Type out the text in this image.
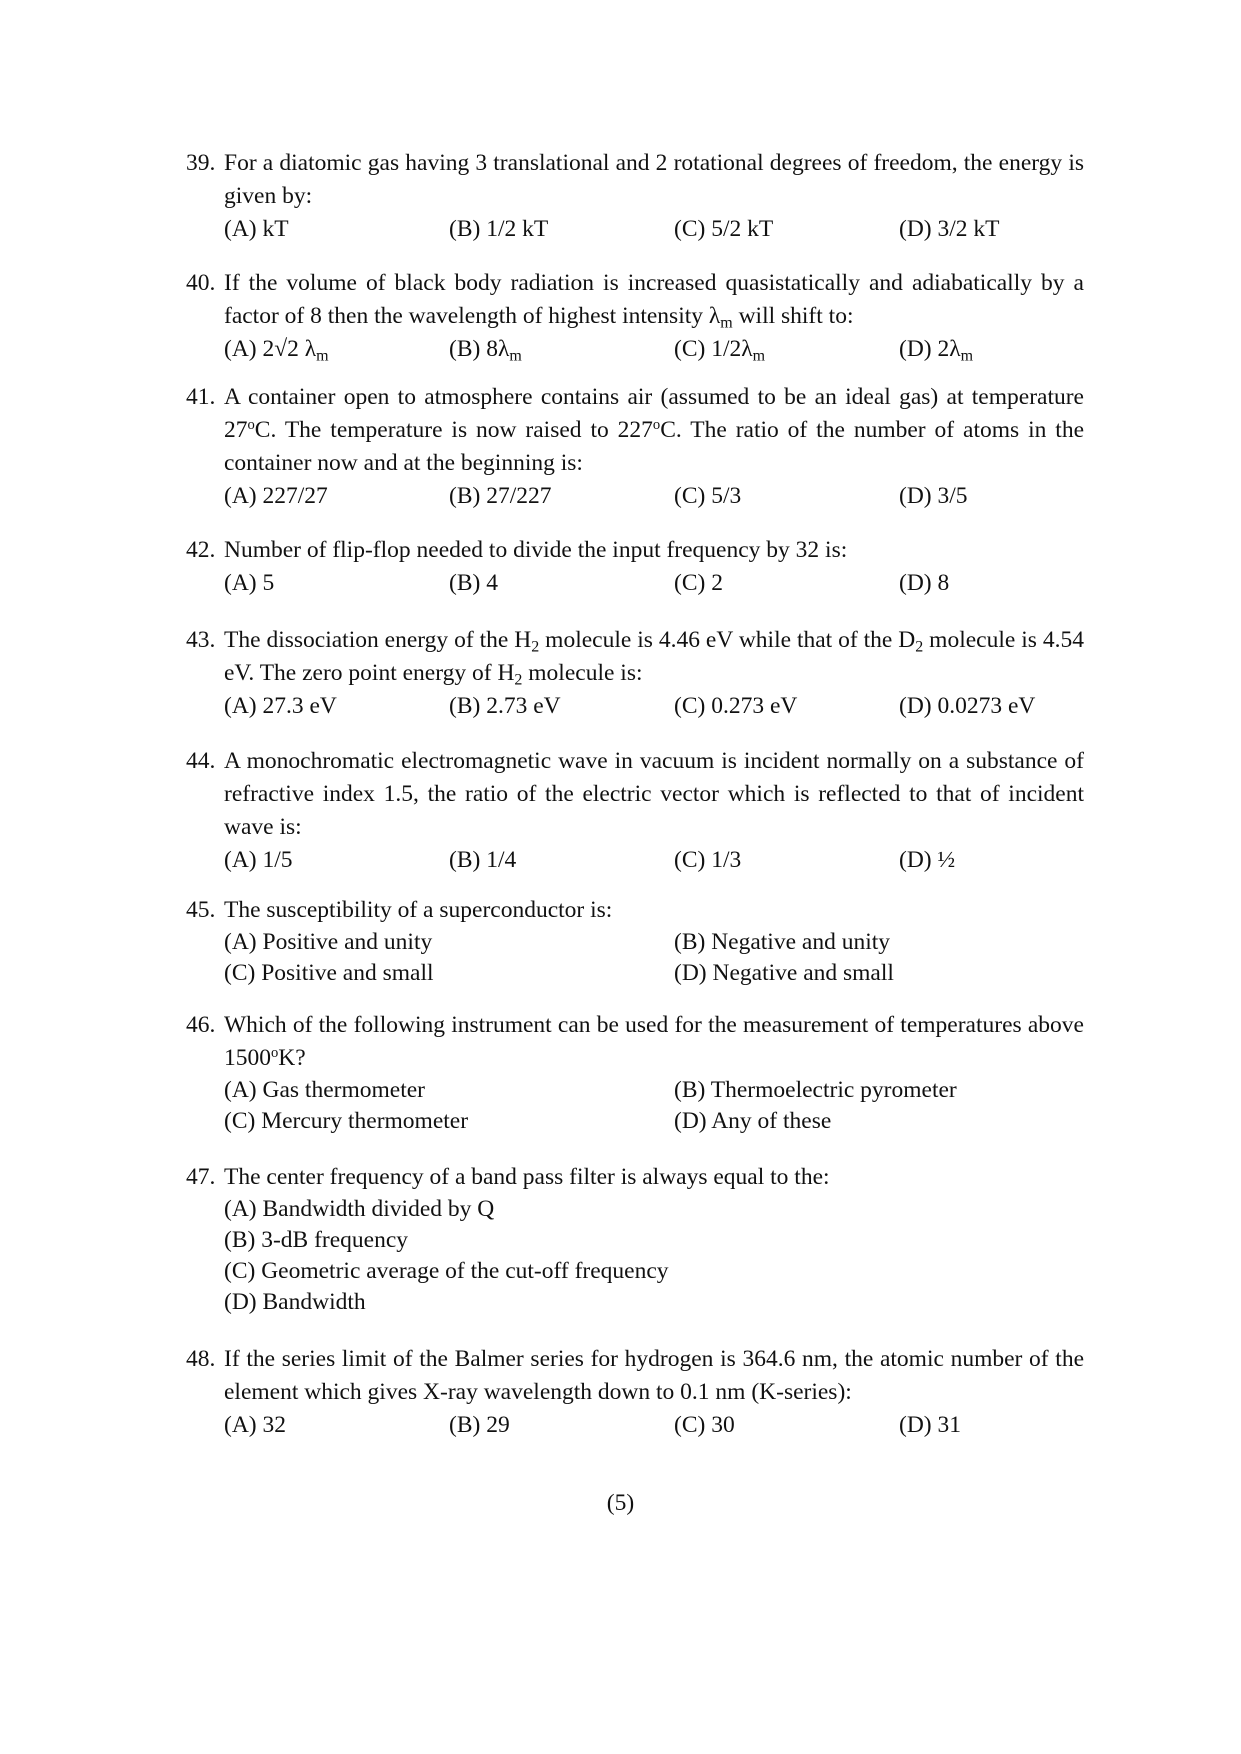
39. For a diatomic gas having 3 translational and 2 rotational degrees of freedom, the energy is given by:
(A) kT	(B) 1/2 kT	(C) 5/2 kT	(D) 3/2 kT
40. If the volume of black body radiation is increased quasistatically and adiabatically by a factor of 8 then the wavelength of highest intensity $\lambda_m$ will shift to:
(A) 2√2 $\lambda_m$	(B) $8\lambda_m$	(C) $1/2\lambda_m$	(D) $2\lambda_m$
41. A container open to atmosphere contains air (assumed to be an ideal gas) at temperature 27$^o$C. The temperature is now raised to 227$^o$C. The ratio of the number of atoms in the container now and at the beginning is:
(A) 227/27	(B) 27/227	(C) 5/3	(D) 3/5
42. Number of flip-flop needed to divide the input frequency by 32 is:
(A) 5	(B) 4	(C) 2	(D) 8
43. The dissociation energy of the $H_2$ molecule is 4.46 eV while that of the $D_2$ molecule is 4.54 eV. The zero point energy of $H_2$ molecule is:
(A) 27.3 eV	(B) 2.73 eV	(C) 0.273 eV	(D) 0.0273 eV
44. A monochromatic electromagnetic wave in vacuum is incident normally on a substance of refractive index 1.5, the ratio of the electric vector which is reflected to that of incident wave is:
(A) 1/5	(B) 1/4	(C) 1/3	(D) ½
45. The susceptibility of a superconductor is:
(A) Positive and unity	(B) Negative and unity
(C) Positive and small	(D) Negative and small
46. Which of the following instrument can be used for the measurement of temperatures above 1500$^o$K?
(A) Gas thermometer	(B) Thermoelectric pyrometer
(C) Mercury thermometer	(D) Any of these
47. The center frequency of a band pass filter is always equal to the:
(A) Bandwidth divided by Q
(B) 3-dB frequency
(C) Geometric average of the cut-off frequency
(D) Bandwidth
48. If the series limit of the Balmer series for hydrogen is 364.6 nm, the atomic number of the element which gives X-ray wavelength down to 0.1 nm (K-series):
(A) 32	(B) 29	(C) 30	(D) 31
(5)
